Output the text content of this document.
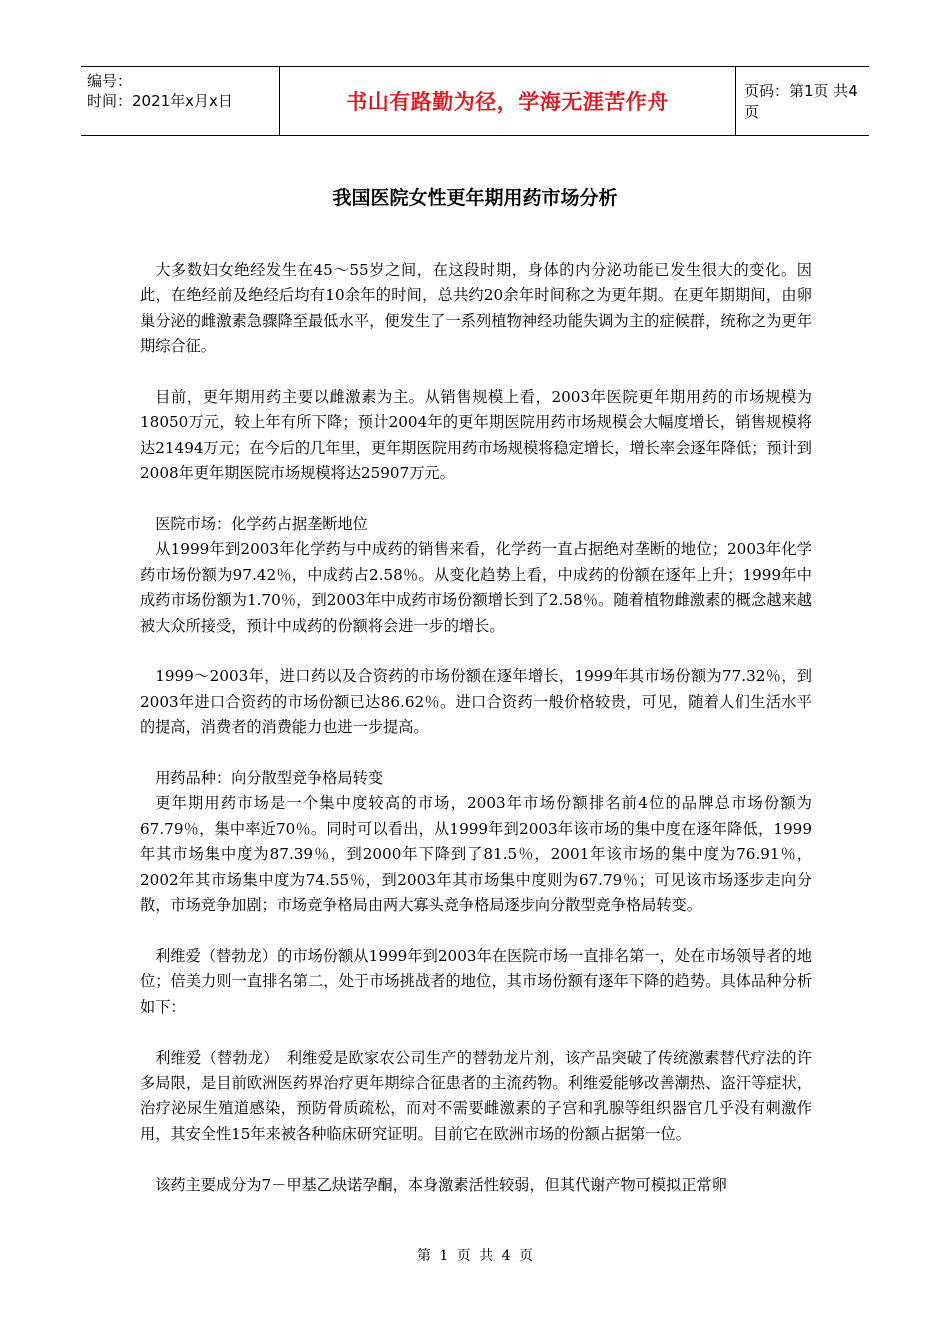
编号：
时间：2021年x月x日	书山有路勤为径，学海无涯苦作舟	页码：第1页 共4页
我国医院女性更年期用药市场分析

大多数妇女绝经发生在45～55岁之间，在这段时期，身体的内分泌功能已发生很大的变化。因此，在绝经前及绝经后均有10余年的时间，总共约20余年时间称之为更年期。在更年期期间，由卵巢分泌的雌激素急骤降至最低水平，便发生了一系列植物神经功能失调为主的症候群，统称之为更年期综合征。

目前，更年期用药主要以雌激素为主。从销售规模上看，2003年医院更年期用药的市场规模为18050万元，较上年有所下降；预计2004年的更年期医院用药市场规模会大幅度增长，销售规模将达21494万元；在今后的几年里，更年期医院用药市场规模将稳定增长，增长率会逐年降低；预计到2008年更年期医院市场规模将达25907万元。

医院市场：化学药占据垄断地位

从1999年到2003年化学药与中成药的销售来看，化学药一直占据绝对垄断的地位；2003年化学药市场份额为97.42％，中成药占2.58％。从变化趋势上看，中成药的份额在逐年上升；1999年中成药市场份额为1.70％，到2003年中成药市场份额增长到了2.58％。随着植物雌激素的概念越来越被大众所接受，预计中成药的份额将会进一步的增长。

1999～2003年，进口药以及合资药的市场份额在逐年增长，1999年其市场份额为77.32％，到2003年进口合资药的市场份额已达86.62％。进口合资药一般价格较贵，可见，随着人们生活水平的提高，消费者的消费能力也进一步提高。

用药品种：向分散型竞争格局转变

更年期用药市场是一个集中度较高的市场，2003年市场份额排名前4位的品牌总市场份额为67.79％，集中率近70％。同时可以看出，从1999年到2003年该市场的集中度在逐年降低，1999年其市场集中度为87.39％，到2000年下降到了81.5％，2001年该市场的集中度为76.91％，2002年其市场集中度为74.55％，到2003年其市场集中度则为67.79％；可见该市场逐步走向分散，市场竞争加剧；市场竞争格局由两大寡头竞争格局逐步向分散型竞争格局转变。

利维爱（替勃龙）的市场份额从1999年到2003年在医院市场一直排名第一，处在市场领导者的地位；倍美力则一直排名第二，处于市场挑战者的地位，其市场份额有逐年下降的趋势。具体品种分析如下：

利维爱（替勃龙）　利维爱是欧家农公司生产的替勃龙片剂，该产品突破了传统激素替代疗法的许多局限，是目前欧洲医药界治疗更年期综合征患者的主流药物。利维爱能够改善潮热、盗汗等症状，治疗泌尿生殖道感染，预防骨质疏松，而对不需要雌激素的子宫和乳腺等组织器官几乎没有刺激作用，其安全性15年来被各种临床研究证明。目前它在欧洲市场的份额占据第一位。

该药主要成分为7－甲基乙炔诺孕酮，本身激素活性较弱，但其代谢产物可模拟正常卵

第 1 页 共 4 页
